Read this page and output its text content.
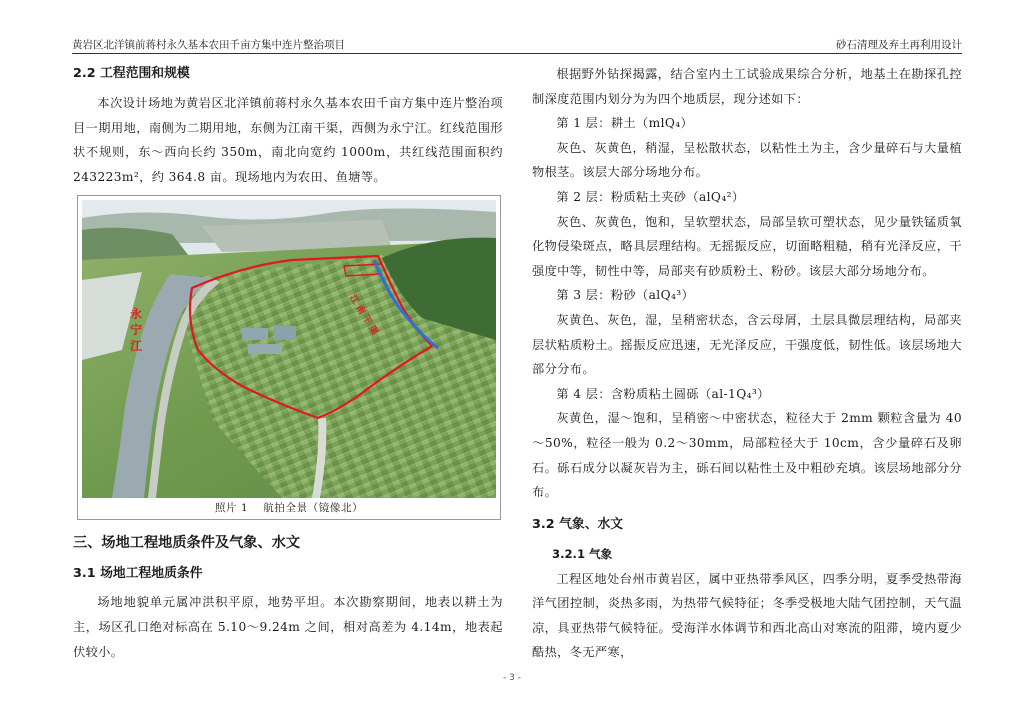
黄岩区北洋镇前蒋村永久基本农田千亩方集中连片整治项目	砂石清理及弃土再利用设计
2.2 工程范围和规模

本次设计场地为黄岩区北洋镇前蒋村永久基本农田千亩方集中连片整治项目一期用地，南侧为二期用地，东侧为江南干渠，西侧为永宁江。红线范围形状不规则，东～西向长约 350m，南北向宽约 1000m，共红线范围面积约 243223m²，约 364.8 亩。现场地内为农田、鱼塘等。

永宁江
江南干渠
照片 1　 航拍全景（镜像北）
三、场地工程地质条件及气象、水文
3.1 场地工程地质条件

场地地貌单元属冲洪积平原，地势平坦。本次勘察期间，地表以耕土为主，场区孔口绝对标高在 5.10～9.24m 之间，相对高差为 4.14m，地表起伏较小。

根据野外钻探揭露，结合室内土工试验成果综合分析，地基土在勘探孔控制深度范围内划分为为四个地质层，现分述如下：

第 1 层：耕土（mlQ₄）

灰色、灰黄色，稍湿，呈松散状态，以粘性土为主，含少量碎石与大量植物根茎。该层大部分场地分布。

第 2 层：粉质粘土夹砂（alQ₄²）

灰色、灰黄色，饱和，呈软塑状态，局部呈软可塑状态，见少量铁锰质氧化物侵染斑点，略具层理结构。无摇振反应，切面略粗糙，稍有光泽反应，干强度中等，韧性中等，局部夹有砂质粉土、粉砂。该层大部分场地分布。

第 3 层：粉砂（alQ₄³）

灰黄色、灰色，湿，呈稍密状态，含云母屑，土层具微层理结构，局部夹层状粘质粉土。摇振反应迅速，无光泽反应，干强度低，韧性低。该层场地大部分分布。

第 4 层：含粉质粘土圆砾（al-1Q₄³）

灰黄色，湿～饱和，呈稍密～中密状态，粒径大于 2mm 颗粒含量为 40～50%，粒径一般为 0.2～30mm，局部粒径大于 10cm，含少量碎石及卵石。砾石成分以凝灰岩为主，砾石间以粘性土及中粗砂充填。该层场地部分分布。

3.2 气象、水文
3.2.1 气象

工程区地处台州市黄岩区，属中亚热带季风区，四季分明，夏季受热带海洋气团控制，炎热多雨，为热带气候特征；冬季受极地大陆气团控制，天气温凉，具亚热带气候特征。受海洋水体调节和西北高山对寒流的阻滞，境内夏少酷热，冬无严寒，

- 3 -
